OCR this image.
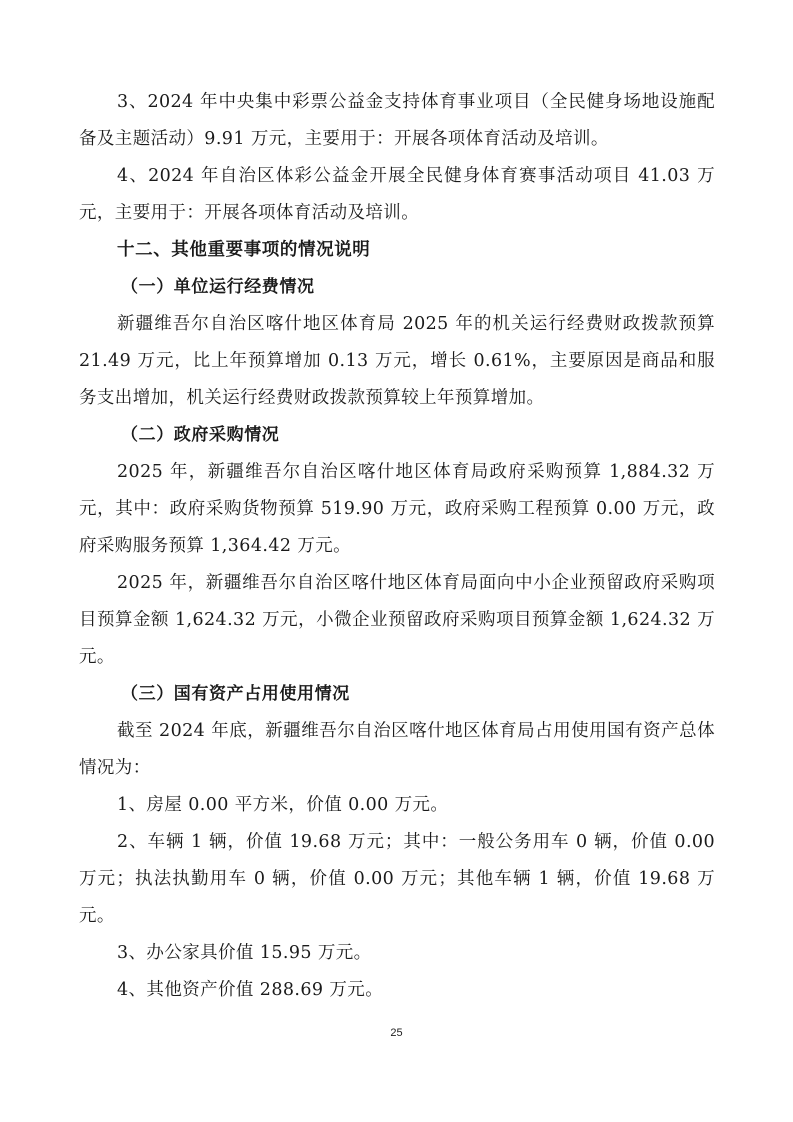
3、2024 年中央集中彩票公益金支持体育事业项目（全民健身场地设施配备及主题活动）9.91 万元，主要用于：开展各项体育活动及培训。

4、2024 年自治区体彩公益金开展全民健身体育赛事活动项目 41.03 万元，主要用于：开展各项体育活动及培训。

十二、其他重要事项的情况说明

（一）单位运行经费情况

新疆维吾尔自治区喀什地区体育局 2025 年的机关运行经费财政拨款预算 21.49 万元，比上年预算增加 0.13 万元，增长 0.61%，主要原因是商品和服务支出增加，机关运行经费财政拨款预算较上年预算增加。

（二）政府采购情况

2025 年，新疆维吾尔自治区喀什地区体育局政府采购预算 1,884.32 万元，其中：政府采购货物预算 519.90 万元，政府采购工程预算 0.00 万元，政府采购服务预算 1,364.42 万元。

2025 年，新疆维吾尔自治区喀什地区体育局面向中小企业预留政府采购项目预算金额 1,624.32 万元，小微企业预留政府采购项目预算金额 1,624.32 万元。

（三）国有资产占用使用情况

截至 2024 年底，新疆维吾尔自治区喀什地区体育局占用使用国有资产总体情况为：

1、房屋 0.00 平方米，价值 0.00 万元。

2、车辆 1 辆，价值 19.68 万元；其中：一般公务用车 0 辆，价值 0.00 万元；执法执勤用车 0 辆，价值 0.00 万元；其他车辆 1 辆，价值 19.68 万元。

3、办公家具价值 15.95 万元。

4、其他资产价值 288.69 万元。

25
